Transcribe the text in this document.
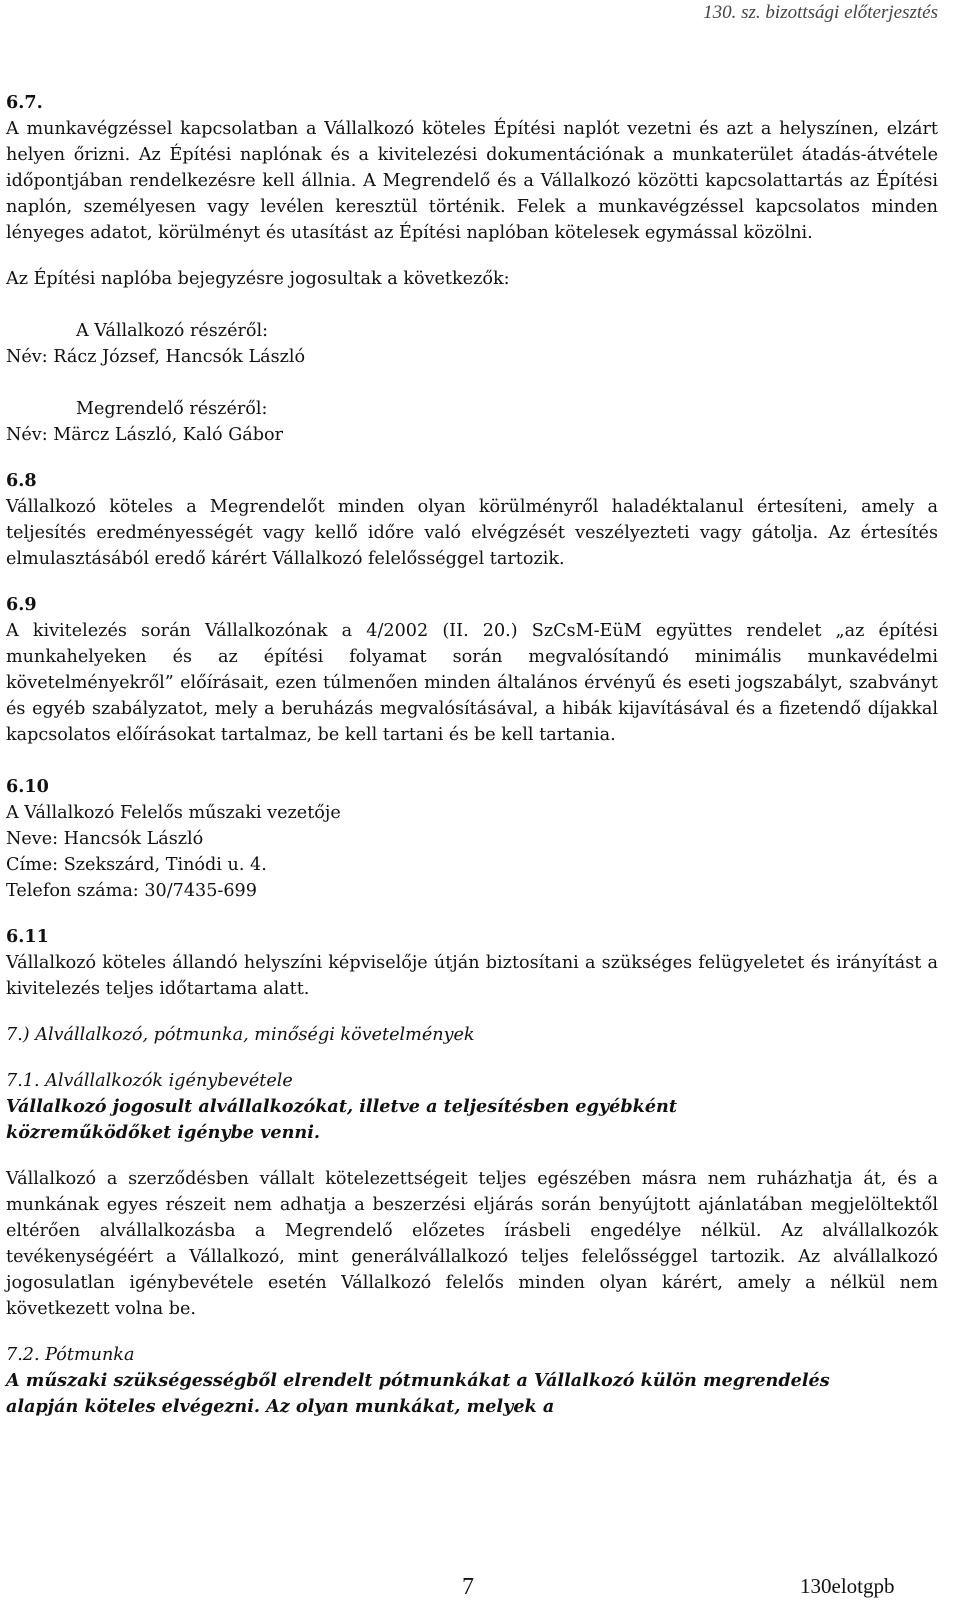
130. sz. bizottsági előterjesztés

6.7.

A munkavégzéssel kapcsolatban a Vállalkozó köteles Építési naplót vezetni és azt a helyszínen, elzárt helyen őrizni. Az Építési naplónak és a kivitelezési dokumentációnak a munkaterület átadás-átvétele időpontjában rendelkezésre kell állnia. A Megrendelő és a Vállalkozó közötti kapcsolattartás az Építési naplón, személyesen vagy levélen keresztül történik. Felek a munkavégzéssel kapcsolatos minden lényeges adatot, körülményt és utasítást az Építési naplóban kötelesek egymással közölni.

Az Építési naplóba bejegyzésre jogosultak a következők:

A Vállalkozó részéről:

Név: Rácz József, Hancsók László

Megrendelő részéről:

Név: Märcz László, Kaló Gábor

6.8

Vállalkozó köteles a Megrendelőt minden olyan körülményről haladéktalanul értesíteni, amely a teljesítés eredményességét vagy kellő időre való elvégzését veszélyezteti vagy gátolja. Az értesítés elmulasztásából eredő kárért Vállalkozó felelősséggel tartozik.

6.9

A kivitelezés során Vállalkozónak a 4/2002 (II. 20.) SzCsM-EüM együttes rendelet „az építési munkahelyeken és az építési folyamat során megvalósítandó minimális munkavédelmi követelményekről” előírásait, ezen túlmenően minden általános érvényű és eseti jogszabályt, szabványt és egyéb szabályzatot, mely a beruházás megvalósításával, a hibák kijavításával és a fizetendő díjakkal kapcsolatos előírásokat tartalmaz, be kell tartani és be kell tartania.

6.10

A Vállalkozó Felelős műszaki vezetője

Neve: Hancsók László

Címe: Szekszárd, Tinódi u. 4.

Telefon száma: 30/7435-699

6.11

Vállalkozó köteles állandó helyszíni képviselője útján biztosítani a szükséges felügyeletet és irányítást a kivitelezés teljes időtartama alatt.

7.) Alvállalkozó, pótmunka, minőségi követelmények

7.1. Alvállalkozók igénybevétele

Vállalkozó jogosult alvállalkozókat, illetve a teljesítésben egyébként közreműködőket igénybe venni.

Vállalkozó a szerződésben vállalt kötelezettségeit teljes egészében másra nem ruházhatja át, és a munkának egyes részeit nem adhatja a beszerzési eljárás során benyújtott ajánlatában megjelöltektől eltérően alvállalkozásba a Megrendelő előzetes írásbeli engedélye nélkül. Az alvállalkozók tevékenységéért a Vállalkozó, mint generálvállalkozó teljes felelősséggel tartozik. Az alvállalkozó jogosulatlan igénybevétele esetén Vállalkozó felelős minden olyan kárért, amely a nélkül nem következett volna be.

7.2. Pótmunka

A műszaki szükségességből elrendelt pótmunkákat a Vállalkozó külön megrendelés alapján köteles elvégezni. Az olyan munkákat, melyek a

7	130elotgpb
